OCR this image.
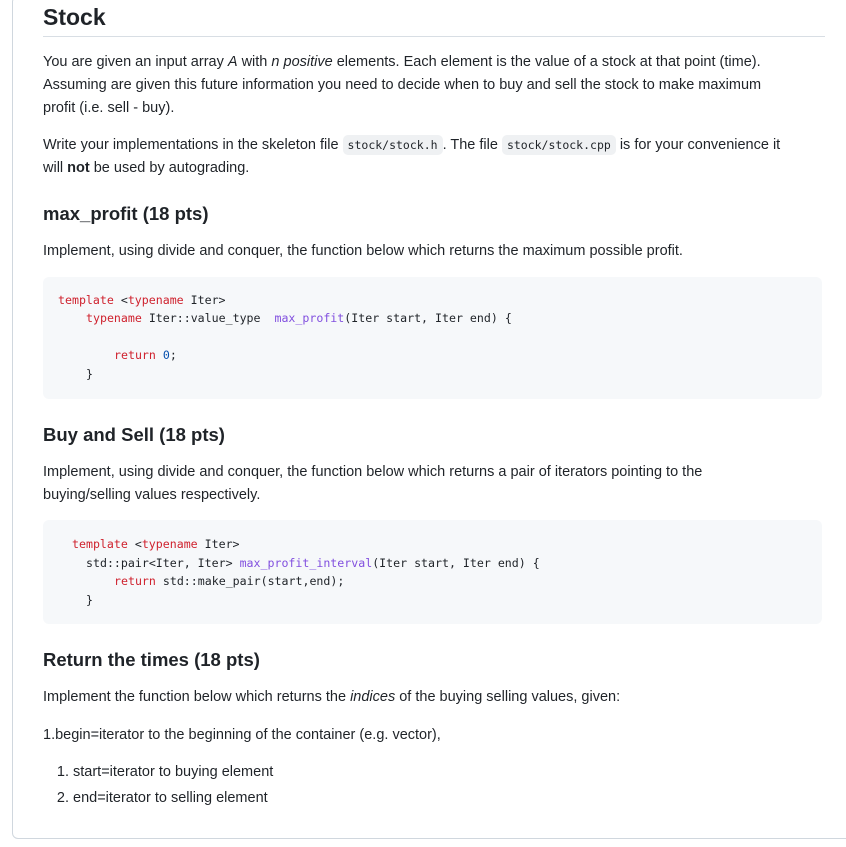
Stock
You are given an input array A with n positive elements. Each element is the value of a stock at that point (time).
Assuming are given this future information you need to decide when to buy and sell the stock to make maximum
profit (i.e. sell - buy).
Write your implementations in the skeleton file stock/stock.h . The file stock/stock.cpp is for your convenience it
will not be used by autograding.
max_profit (18 pts)
Implement, using divide and conquer, the function below which returns the maximum possible profit.
template <typename Iter>
typename Iter::value_type  max_profit(Iter start, Iter end) {
return 0;
}
Buy and Sell (18 pts)
Implement, using divide and conquer, the function below which returns a pair of iterators pointing to the
buying/selling values respectively.
template <typename Iter>
std::pair<Iter, Iter> max_profit_interval(Iter start, Iter end) {
return std::make_pair(start,end);
}
Return the times (18 pts)
Implement the function below which returns the indices of the buying selling values, given:
1.begin=iterator to the beginning of the container (e.g. vector),
1. start=iterator to buying element
2. end=iterator to selling element
